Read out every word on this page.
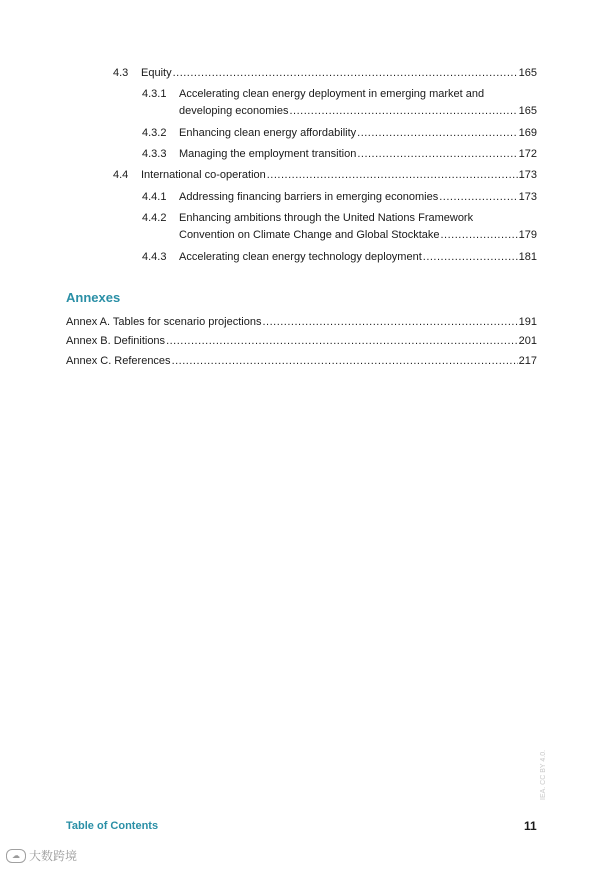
4.3	Equity .....	165
4.3.1	Accelerating clean energy deployment in emerging market and
developing economies .....	165
4.3.2	Enhancing clean energy affordability .....	169
4.3.3	Managing the employment transition .....	172
4.4	International co-operation .....	173
4.4.1	Addressing financing barriers in emerging economies .....	173
4.4.2	Enhancing ambitions through the United Nations Framework
Convention on Climate Change and Global Stocktake .....	179
4.4.3	Accelerating clean energy technology deployment .....	181
Annexes
Annex A. Tables for scenario projections .....	191
Annex B. Definitions .....	201
Annex C. References .....	217
Table of Contents	11
IEA. CC BY 4.0.
☁ 大数跨境
